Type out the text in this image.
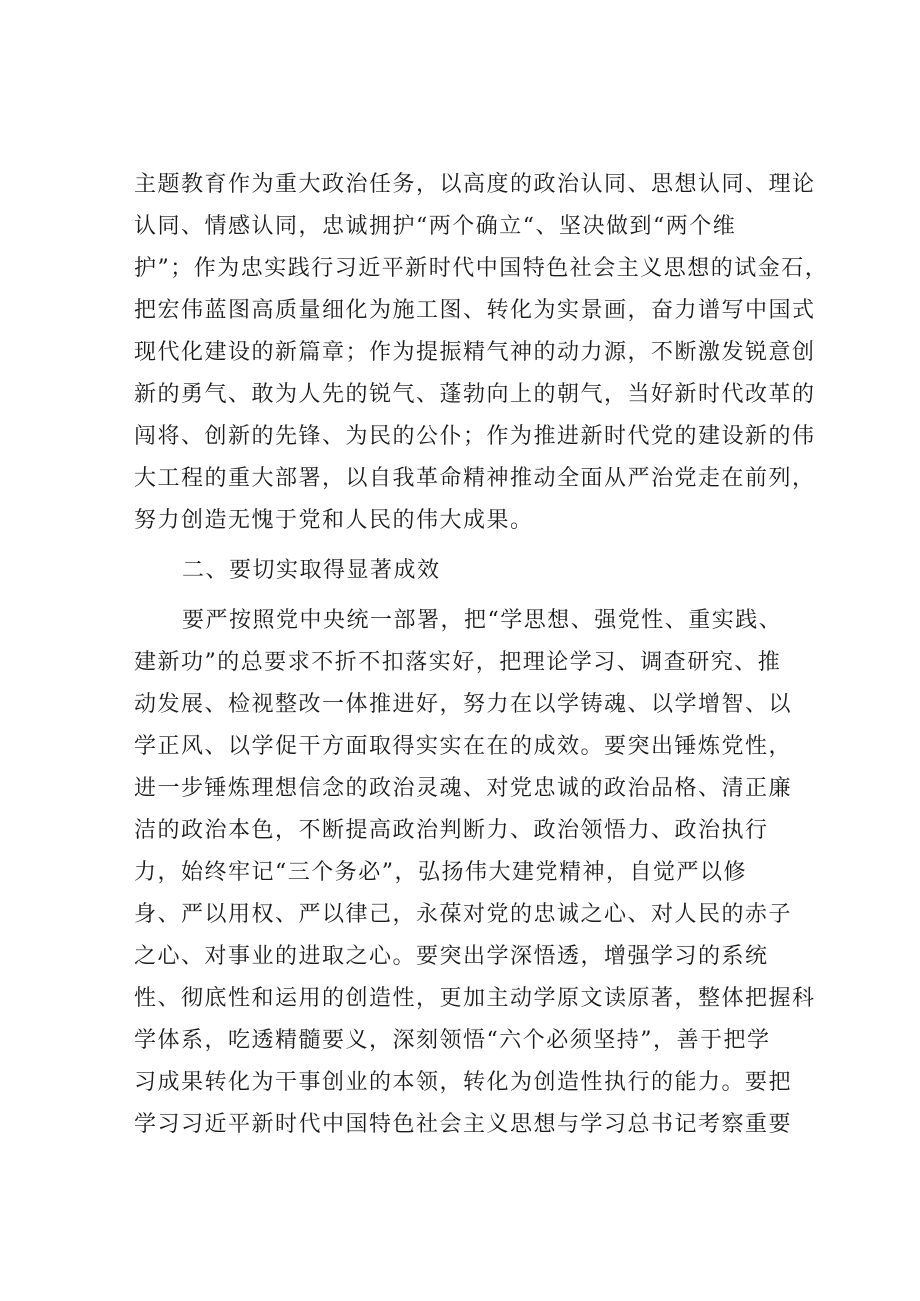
主题教育作为重大政治任务，以高度的政治认同、思想认同、理论
认同、情感认同，忠诚拥护“两个确立“、坚决做到“两个维
护”；作为忠实践行习近平新时代中国特色社会主义思想的试金石，
把宏伟蓝图高质量细化为施工图、转化为实景画，奋力谱写中国式
现代化建设的新篇章；作为提振精气神的动力源，不断激发锐意创
新的勇气、敢为人先的锐气、蓬勃向上的朝气，当好新时代改革的
闯将、创新的先锋、为民的公仆；作为推进新时代党的建设新的伟
大工程的重大部署，以自我革命精神推动全面从严治党走在前列，
努力创造无愧于党和人民的伟大成果。
二、要切实取得显著成效
要严按照党中央统一部署，把“学思想、强党性、重实践、
建新功”的总要求不折不扣落实好，把理论学习、调查研究、推
动发展、检视整改一体推进好，努力在以学铸魂、以学增智、以
学正风、以学促干方面取得实实在在的成效。要突出锤炼党性，
进一步锤炼理想信念的政治灵魂、对党忠诚的政治品格、清正廉
洁的政治本色，不断提高政治判断力、政治领悟力、政治执行
力，始终牢记“三个务必”，弘扬伟大建党精神，自觉严以修
身、严以用权、严以律己，永葆对党的忠诚之心、对人民的赤子
之心、对事业的进取之心。要突出学深悟透，增强学习的系统
性、彻底性和运用的创造性，更加主动学原文读原著，整体把握科
学体系，吃透精髓要义，深刻领悟“六个必须坚持”，善于把学
习成果转化为干事创业的本领，转化为创造性执行的能力。要把
学习习近平新时代中国特色社会主义思想与学习总书记考察重要
